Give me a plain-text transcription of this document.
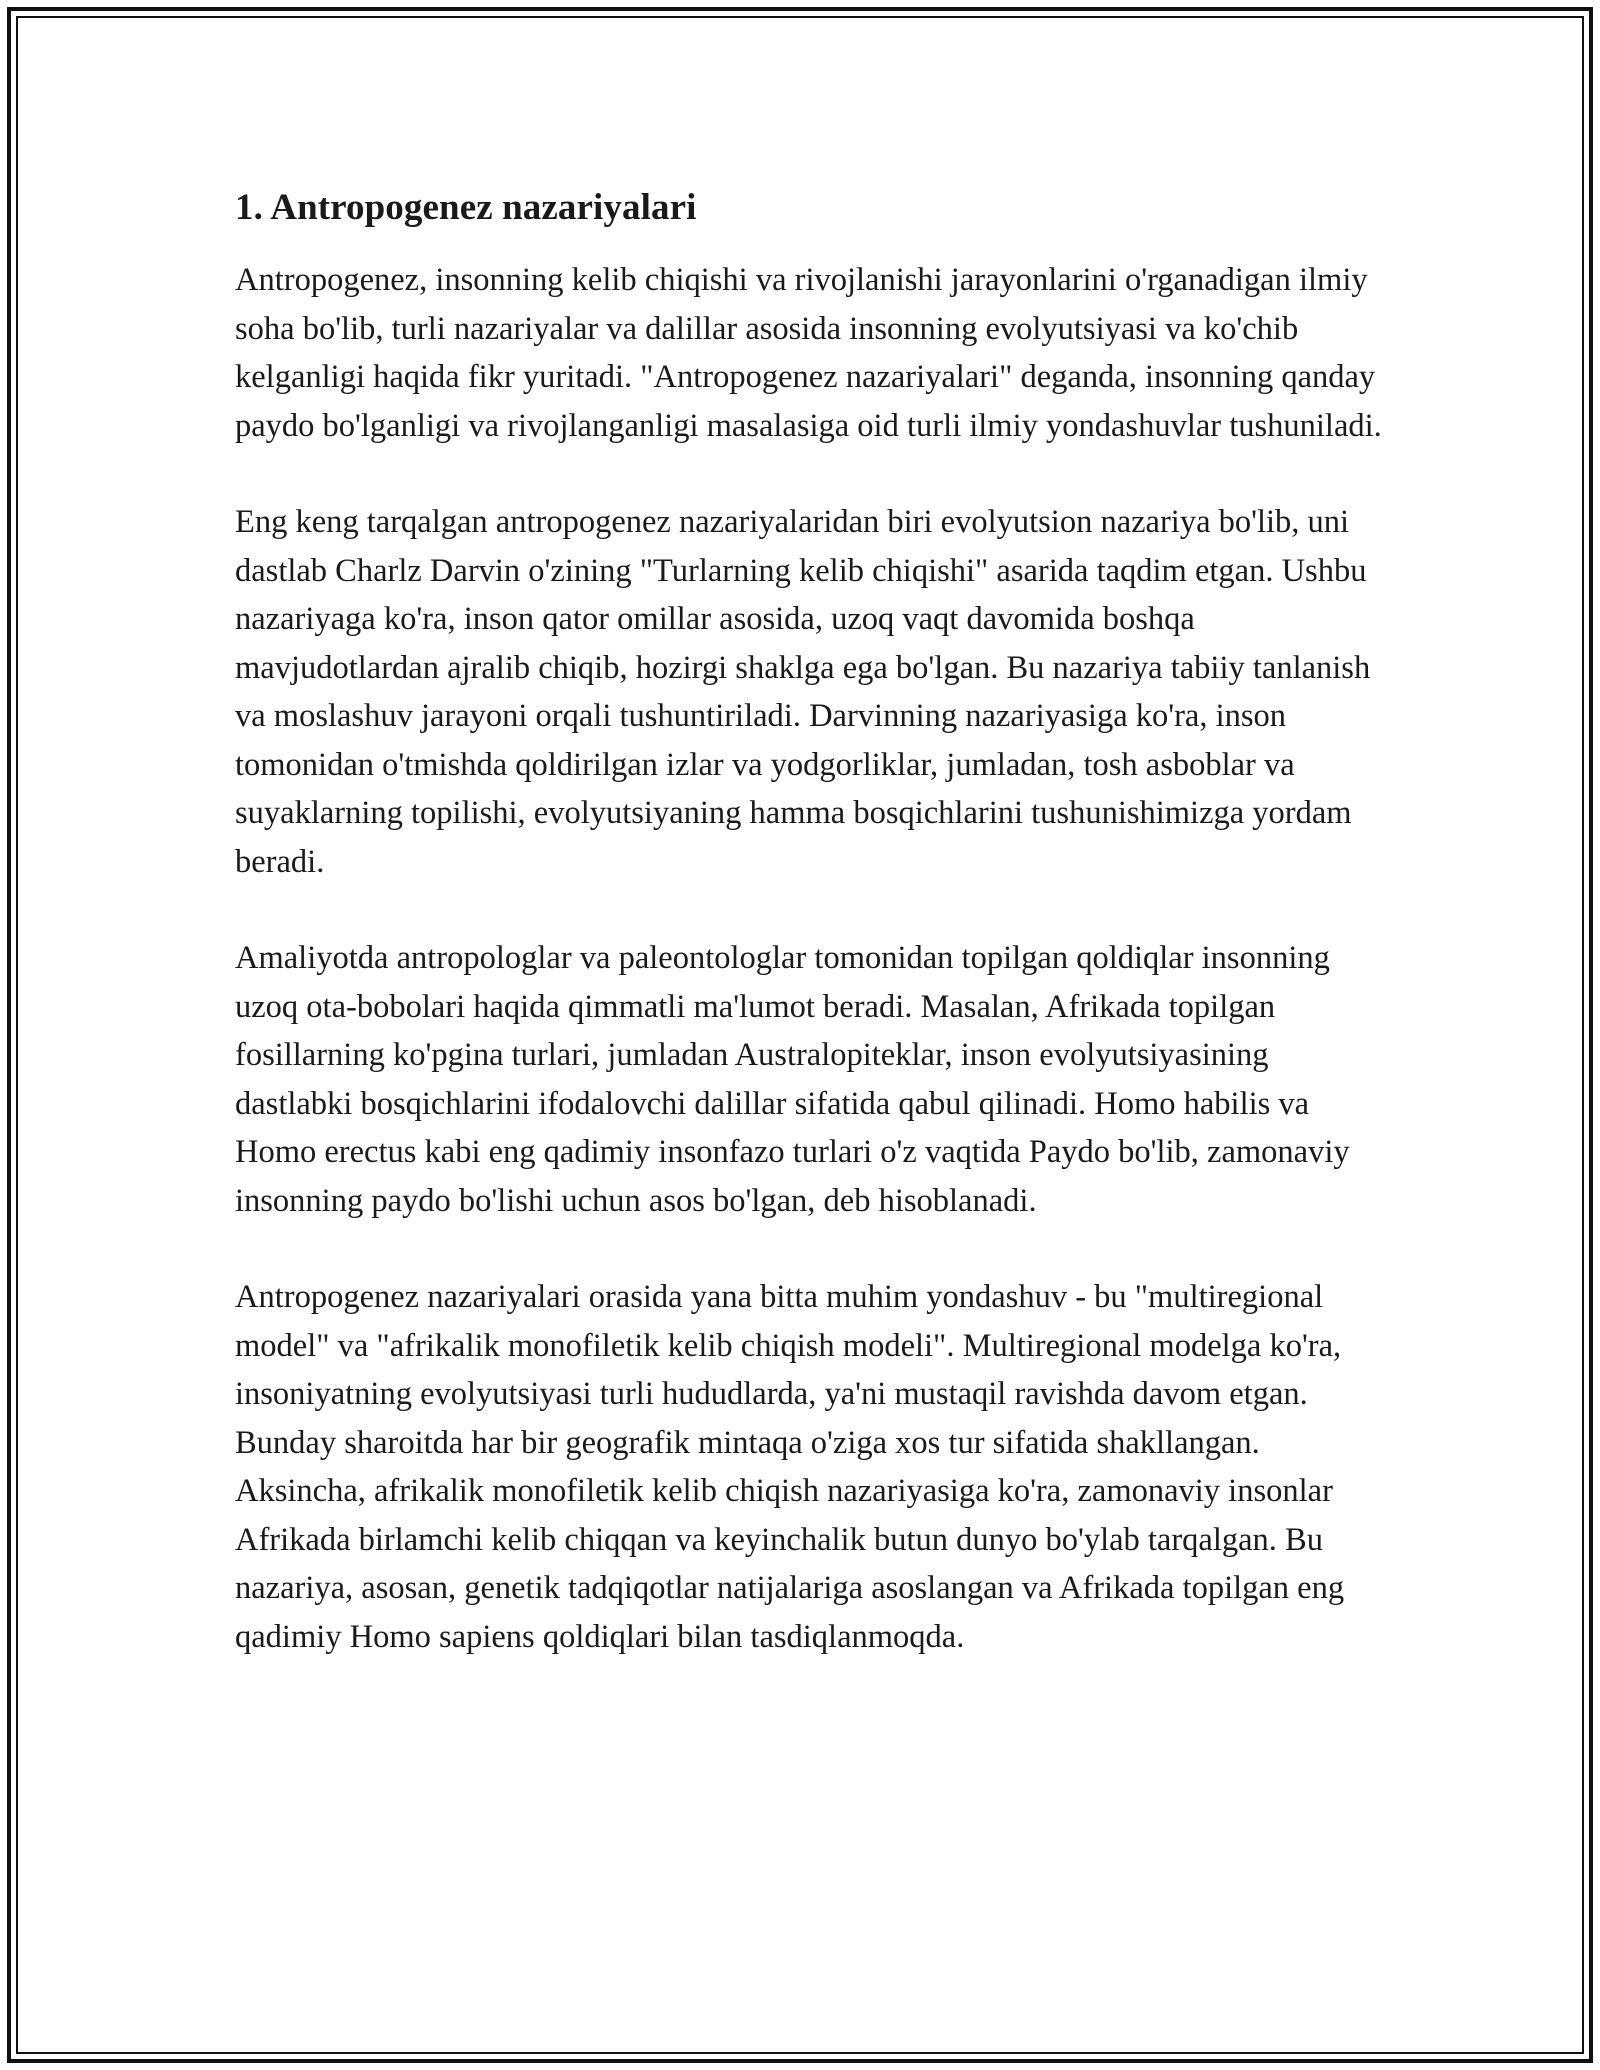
1. Antropogenez nazariyalari

Antropogenez, insonning kelib chiqishi va rivojlanishi jarayonlarini o'rganadigan ilmiy soha bo'lib, turli nazariyalar va dalillar asosida insonning evolyutsiyasi va ko'chib kelganligi haqida fikr yuritadi. "Antropogenez nazariyalari" deganda, insonning qanday paydo bo'lganligi va rivojlanganligi masalasiga oid turli ilmiy yondashuvlar tushuniladi.

Eng keng tarqalgan antropogenez nazariyalaridan biri evolyutsion nazariya bo'lib, uni dastlab Charlz Darvin o'zining "Turlarning kelib chiqishi" asarida taqdim etgan. Ushbu nazariyaga ko'ra, inson qator omillar asosida, uzoq vaqt davomida boshqa mavjudotlardan ajralib chiqib, hozirgi shaklga ega bo'lgan. Bu nazariya tabiiy tanlanish va moslashuv jarayoni orqali tushuntiriladi. Darvinning nazariyasiga ko'ra, inson tomonidan o'tmishda qoldirilgan izlar va yodgorliklar, jumladan, tosh asboblar va suyaklarning topilishi, evolyutsiyaning hamma bosqichlarini tushunishimizga yordam beradi.

Amaliyotda antropologlar va paleontologlar tomonidan topilgan qoldiqlar insonning uzoq ota-bobolari haqida qimmatli ma'lumot beradi. Masalan, Afrikada topilgan fosillarning ko'pgina turlari, jumladan Australopiteklar, inson evolyutsiyasining dastlabki bosqichlarini ifodalovchi dalillar sifatida qabul qilinadi. Homo habilis va Homo erectus kabi eng qadimiy insonfazo turlari o'z vaqtida Paydo bo'lib, zamonaviy insonning paydo bo'lishi uchun asos bo'lgan, deb hisoblanadi.

Antropogenez nazariyalari orasida yana bitta muhim yondashuv - bu "multiregional model" va "afrikalik monofiletik kelib chiqish modeli". Multiregional modelga ko'ra, insoniyatning evolyutsiyasi turli hududlarda, ya'ni mustaqil ravishda davom etgan. Bunday sharoitda har bir geografik mintaqa o'ziga xos tur sifatida shakllangan. Aksincha, afrikalik monofiletik kelib chiqish nazariyasiga ko'ra, zamonaviy insonlar Afrikada birlamchi kelib chiqqan va keyinchalik butun dunyo bo'ylab tarqalgan. Bu nazariya, asosan, genetik tadqiqotlar natijalariga asoslangan va Afrikada topilgan eng qadimiy Homo sapiens qoldiqlari bilan tasdiqlanmoqda.
